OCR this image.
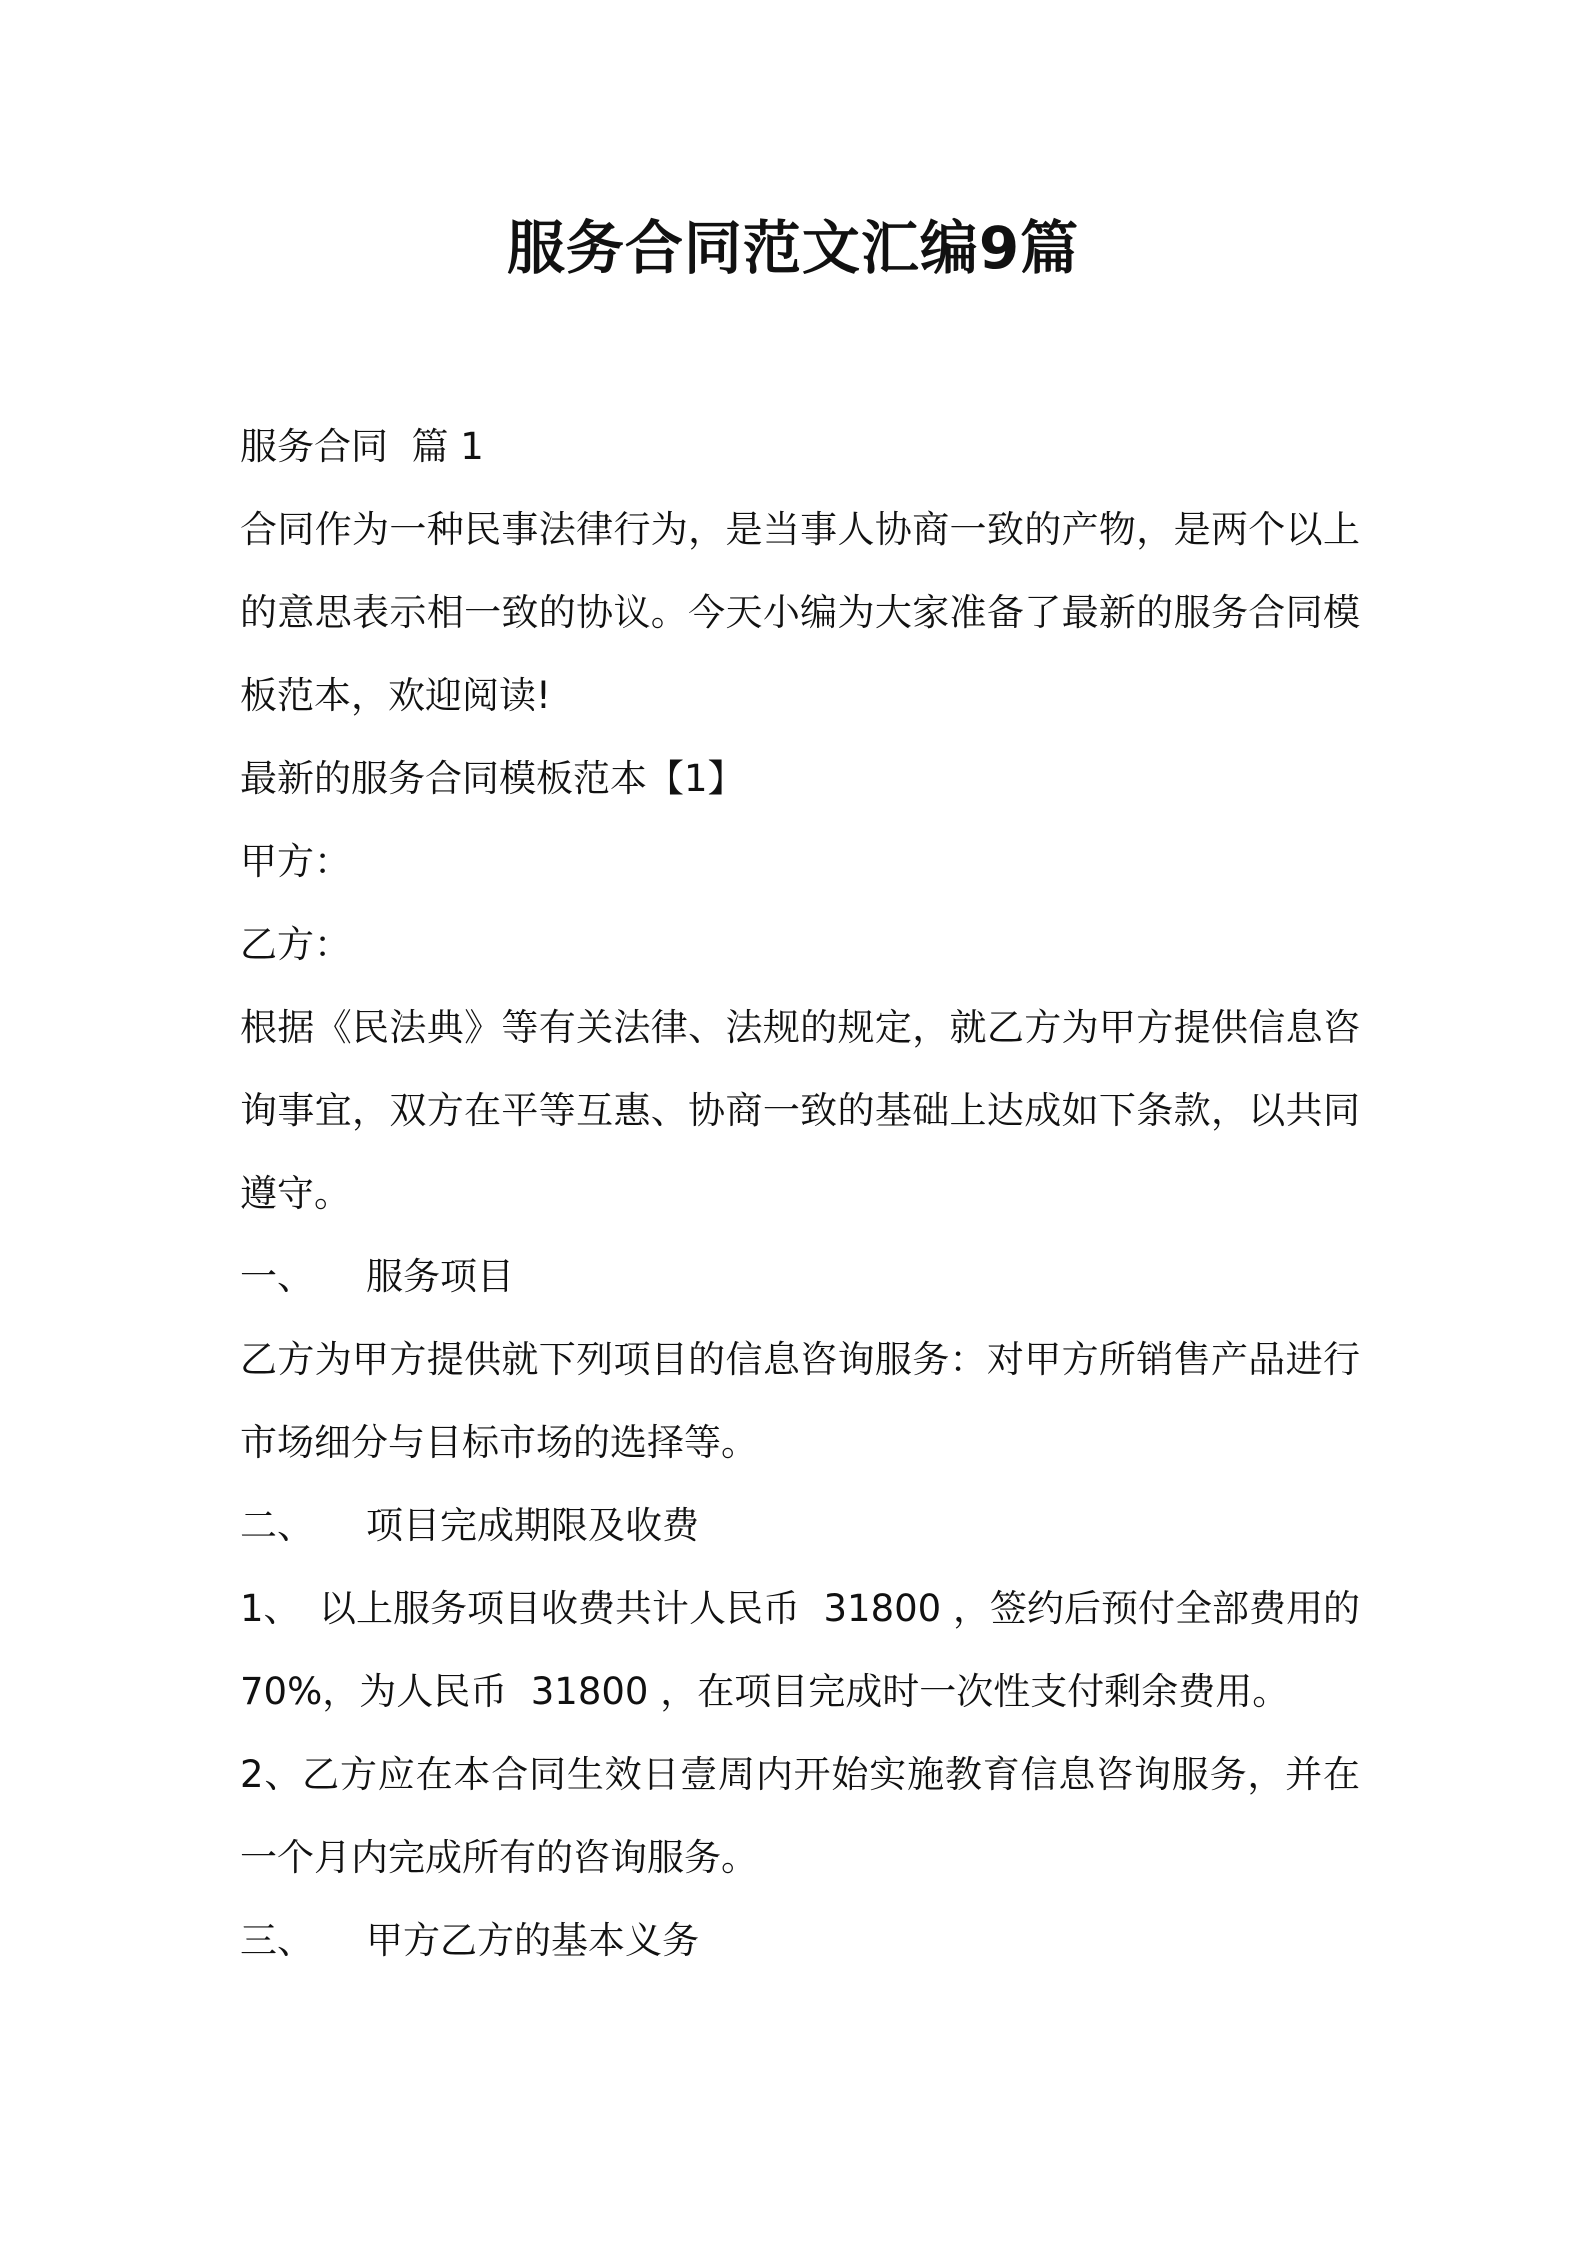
服务合同范文汇编9篇
服务合同  篇 1
合同作为一种民事法律行为，是当事人协商一致的产物，是两个以上
的意思表示相一致的协议。今天小编为大家准备了最新的服务合同模
板范本，欢迎阅读!
最新的服务合同模板范本【1】
甲方：
乙方：
根据《民法典》等有关法律、法规的规定，就乙方为甲方提供信息咨
询事宜，双方在平等互惠、协商一致的基础上达成如下条款，以共同
遵守。
一、 服务项目
乙方为甲方提供就下列项目的信息咨询服务：对甲方所销售产品进行
市场细分与目标市场的选择等。
二、 项目完成期限及收费
1、 以上服务项目收费共计人民币  31800 ，签约后预付全部费用的
70%，为人民币  31800 ，在项目完成时一次性支付剩余费用。
2、乙方应在本合同生效日壹周内开始实施教育信息咨询服务，并在
一个月内完成所有的咨询服务。
三、 甲方乙方的基本义务
